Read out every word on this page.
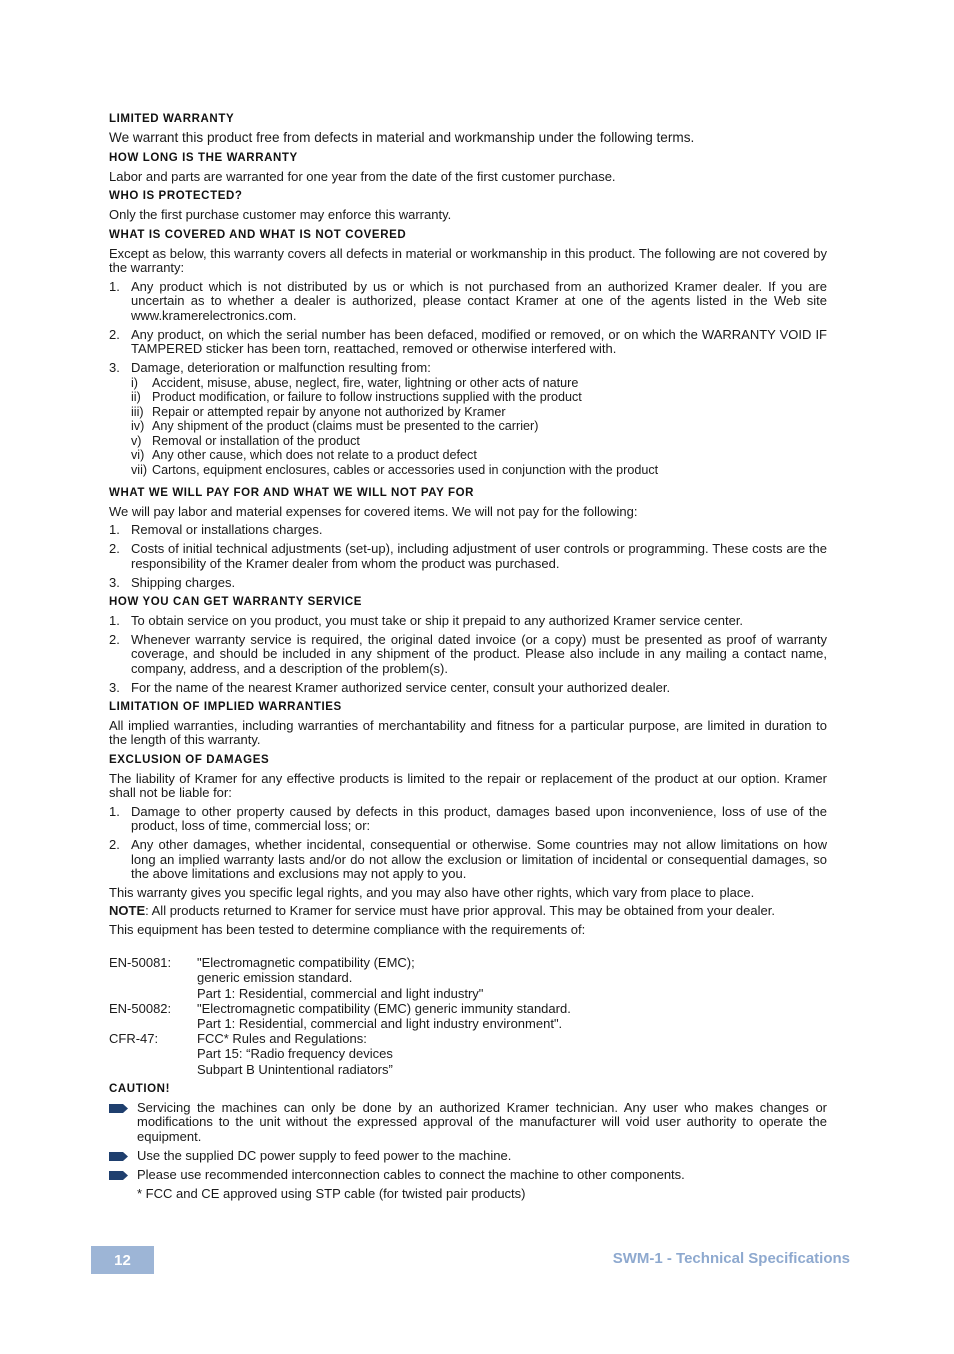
LIMITED WARRANTY
We warrant this product free from defects in material and workmanship under the following terms.
HOW LONG IS THE WARRANTY
Labor and parts are warranted for one year from the date of the first customer purchase.
WHO IS PROTECTED?
Only the first purchase customer may enforce this warranty.
WHAT IS COVERED AND WHAT IS NOT COVERED
Except as below, this warranty covers all defects in material or workmanship in this product. The following are not covered by the warranty:
1. Any product which is not distributed by us or which is not purchased from an authorized Kramer dealer. If you are uncertain as to whether a dealer is authorized, please contact Kramer at one of the agents listed in the Web site www.kramerelectronics.com.
2. Any product, on which the serial number has been defaced, modified or removed, or on which the WARRANTY VOID IF TAMPERED sticker has been torn, reattached, removed or otherwise interfered with.
3. Damage, deterioration or malfunction resulting from:
i) Accident, misuse, abuse, neglect, fire, water, lightning or other acts of nature
ii) Product modification, or failure to follow instructions supplied with the product
iii) Repair or attempted repair by anyone not authorized by Kramer
iv) Any shipment of the product (claims must be presented to the carrier)
v) Removal or installation of the product
vi) Any other cause, which does not relate to a product defect
vii) Cartons, equipment enclosures, cables or accessories used in conjunction with the product
WHAT WE WILL PAY FOR AND WHAT WE WILL NOT PAY FOR
We will pay labor and material expenses for covered items. We will not pay for the following:
1. Removal or installations charges.
2. Costs of initial technical adjustments (set-up), including adjustment of user controls or programming. These costs are the responsibility of the Kramer dealer from whom the product was purchased.
3. Shipping charges.
HOW YOU CAN GET WARRANTY SERVICE
1. To obtain service on you product, you must take or ship it prepaid to any authorized Kramer service center.
2. Whenever warranty service is required, the original dated invoice (or a copy) must be presented as proof of warranty coverage, and should be included in any shipment of the product. Please also include in any mailing a contact name, company, address, and a description of the problem(s).
3. For the name of the nearest Kramer authorized service center, consult your authorized dealer.
LIMITATION OF IMPLIED WARRANTIES
All implied warranties, including warranties of merchantability and fitness for a particular purpose, are limited in duration to the length of this warranty.
EXCLUSION OF DAMAGES
The liability of Kramer for any effective products is limited to the repair or replacement of the product at our option. Kramer shall not be liable for:
1. Damage to other property caused by defects in this product, damages based upon inconvenience, loss of use of the product, loss of time, commercial loss; or:
2. Any other damages, whether incidental, consequential or otherwise. Some countries may not allow limitations on how long an implied warranty lasts and/or do not allow the exclusion or limitation of incidental or consequential damages, so the above limitations and exclusions may not apply to you.
This warranty gives you specific legal rights, and you may also have other rights, which vary from place to place.
NOTE: All products returned to Kramer for service must have prior approval. This may be obtained from your dealer.
This equipment has been tested to determine compliance with the requirements of:
EN-50081:	"Electromagnetic compatibility (EMC);
generic emission standard.
Part 1: Residential, commercial and light industry"
EN-50082:	"Electromagnetic compatibility (EMC) generic immunity standard.
Part 1: Residential, commercial and light industry environment".
CFR-47:	FCC* Rules and Regulations:
Part 15: “Radio frequency devices
Subpart B Unintentional radiators”
CAUTION!
Servicing the machines can only be done by an authorized Kramer technician. Any user who makes changes or modifications to the unit without the expressed approval of the manufacturer will void user authority to operate the equipment.
Use the supplied DC power supply to feed power to the machine.
Please use recommended interconnection cables to connect the machine to other components.
* FCC and CE approved using STP cable (for twisted pair products)
12	SWM-1 - Technical Specifications
